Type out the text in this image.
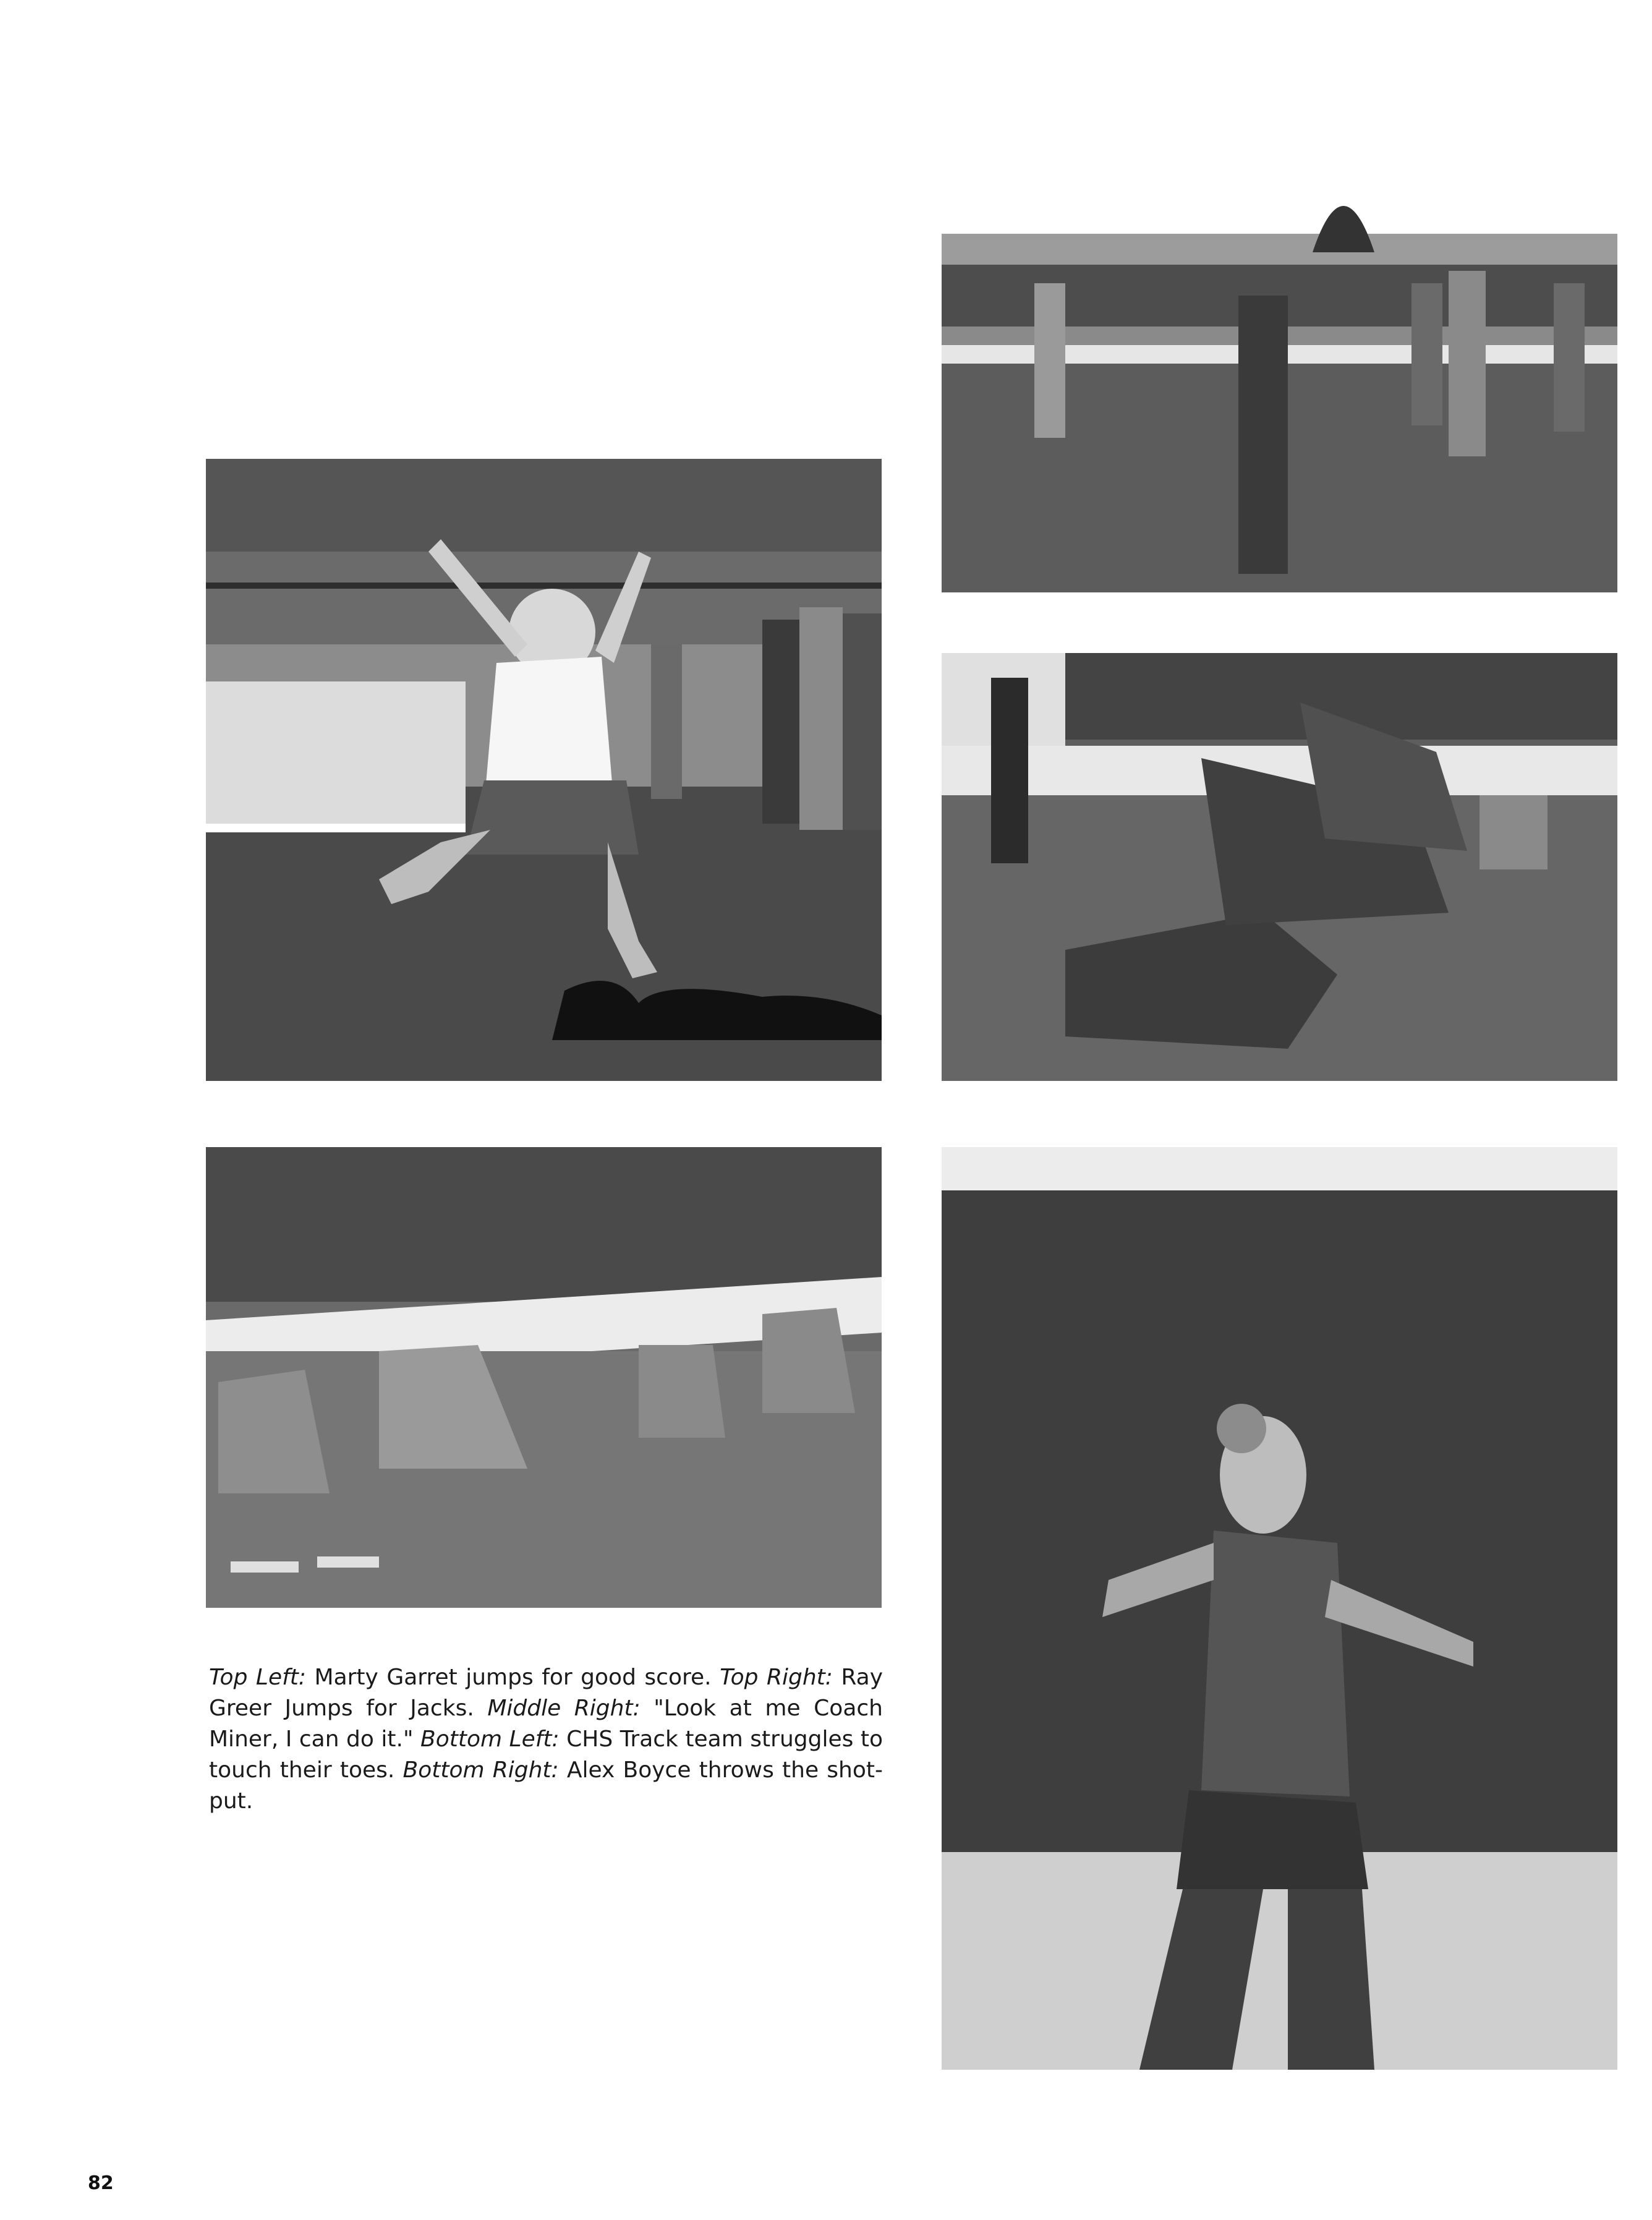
Top Left: Marty Garret jumps for good score. Top Right: Ray Greer Jumps for Jacks. Middle Right: "Look at me Coach Miner, I can do it." Bottom Left: CHS Track team struggles to touch their toes. Bottom Right: Alex Boyce throws the shot-put.
82
